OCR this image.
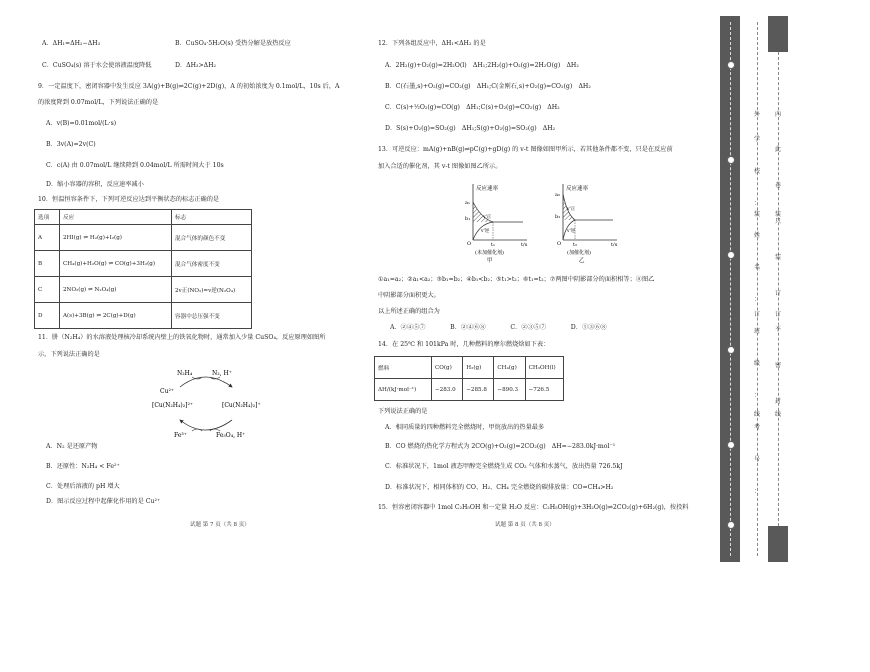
A．ΔH₁=ΔH₂−ΔH₃	B．CuSO₄·5H₂O(s) 受热分解是放热反应
C．CuSO₄(s) 溶于水会使溶液温度降低	D．ΔH₃>ΔH₂
9．一定温度下，密闭容器中发生反应 3A(g)+B(g)⇌2C(g)+2D(g)，A 的初始浓度为 0.1mol/L，10s 后，A
的浓度降到 0.07mol/L，下列说法正确的是
A．v(B)=0.01mol/(L·s)
B．3v(A)=2v(C)
C．c(A) 由 0.07mol/L 继续降到 0.04mol/L 所需时间大于 10s
D．缩小容器的容积，反应速率减小
10．恒温恒容条件下，下列可逆反应达到平衡状态的标志正确的是
11．肼（N₂H₄）的水溶液处理核冷却系统内壁上的铁氧化物时，通常加入少量 CuSO₄，反应原理如图所
示，下列说法正确的是
A．N₂ 是还原产物
B．还原性：N₂H₄ < Fe²⁺
C．处理后溶液的 pH 增大
D．图示反应过程中起催化作用的是 Cu²⁺
选项	反应	标志
A	2HI(g) ⇌ H₂(g)+I₂(g)	混合气体的颜色不变
B	CH₄(g)+H₂O(g) ⇌ CO(g)+3H₂(g)	混合气体密度不变
C	2NO₂(g) ⇌ N₂O₄(g)	2v正(NO₂)=v逆(N₂O₄)
D	A(s)+3B(g) ⇌ 2C(g)+D(g)	容器中总压强不变
N₂H₄	N₂, H⁺
Cu²⁺
[Cu(N₂H₄)₂]²⁺	[Cu(N₂H₄)₂]⁺
Fe³⁺	Fe₃O₄, H⁺
试题 第 7 页（共 8 页）
12．下列各组反应中，ΔH₁<ΔH₂ 的是
A．2H₂(g)+O₂(g)=2H₂O(l)　ΔH₁;2H₂(g)+O₂(g)=2H₂O(g)　ΔH₂
B．C(石墨,s)+O₂(g)=CO₂(g)　ΔH₁;C(金刚石,s)+O₂(g)=CO₂(g)　ΔH₂
C．C(s)+½O₂(g)=CO(g)　ΔH₁;C(s)+O₂(g)=CO₂(g)　ΔH₂
D．S(s)+O₂(g)=SO₂(g)　ΔH₁;S(g)+O₂(g)=SO₂(g)　ΔH₂
13．可逆反应：mA(g)+nB(g)⇌pC(g)+gD(g) 的 v-t 图像如图甲所示，若其他条件都不变，只是在反应前
加入合适的催化剂，其 v-t 图像如图乙所示。
①a₁=a₂；②a₁<a₂；③b₁=b₂；④b₁<b₂；⑤t₁>t₂；⑥t₁=t₂；⑦两图中阴影部分的面积相等；⑧图乙
中阴影部分面积更大。
以上所述正确的组合为
A．②④⑤⑦　　　　B．②④⑥⑧　　　　C．②③⑤⑦　　　　D．①③⑥⑧
14．在 25℃ 和 101kPa 时，几种燃料的摩尔燃烧焓如下表：
下列说法正确的是
A．相同质量的四种燃料完全燃烧时，甲烷放出的热量最多
B．CO 燃烧的热化学方程式为 2CO(g)+O₂(g)=2CO₂(g)　ΔH=−283.0kJ·mol⁻¹
C．标准状况下，1mol 液态甲醇完全燃烧生成 CO₂ 气体和水蒸气，放出热量 726.5kJ
D．标准状况下，相同体积的 CO、H₂、CH₄ 完全燃烧的碳排放量：CO=CH₄>H₂
15．恒容密闭容器中 1mol C₂H₅OH 和一定量 H₂O 反应：C₂H₅OH(g)+3H₂O(g)⇌2CO₂(g)+6H₂(g)，按投料
反应速率
a₁
b₁	v'正
v'逆
t₁	t/s
O
(未加催化剂)
甲
反应速率
a₂
b₂
v'正
v'逆
t₂	t/s
O
(加催化剂)
乙
燃料	CO(g)	H₂(g)	CH₄(g)	CH₃OH(l)
ΔH/(kJ·mol⁻¹)	−283.0	−285.8	−890.3	−726.5
试题 第 8 页（共 8 页）
外
装
订
线
内
装
订
线
学
校
：
姓
名
：
班
级
：
考
号
：
此
卷
只
装
订
不
密
封
